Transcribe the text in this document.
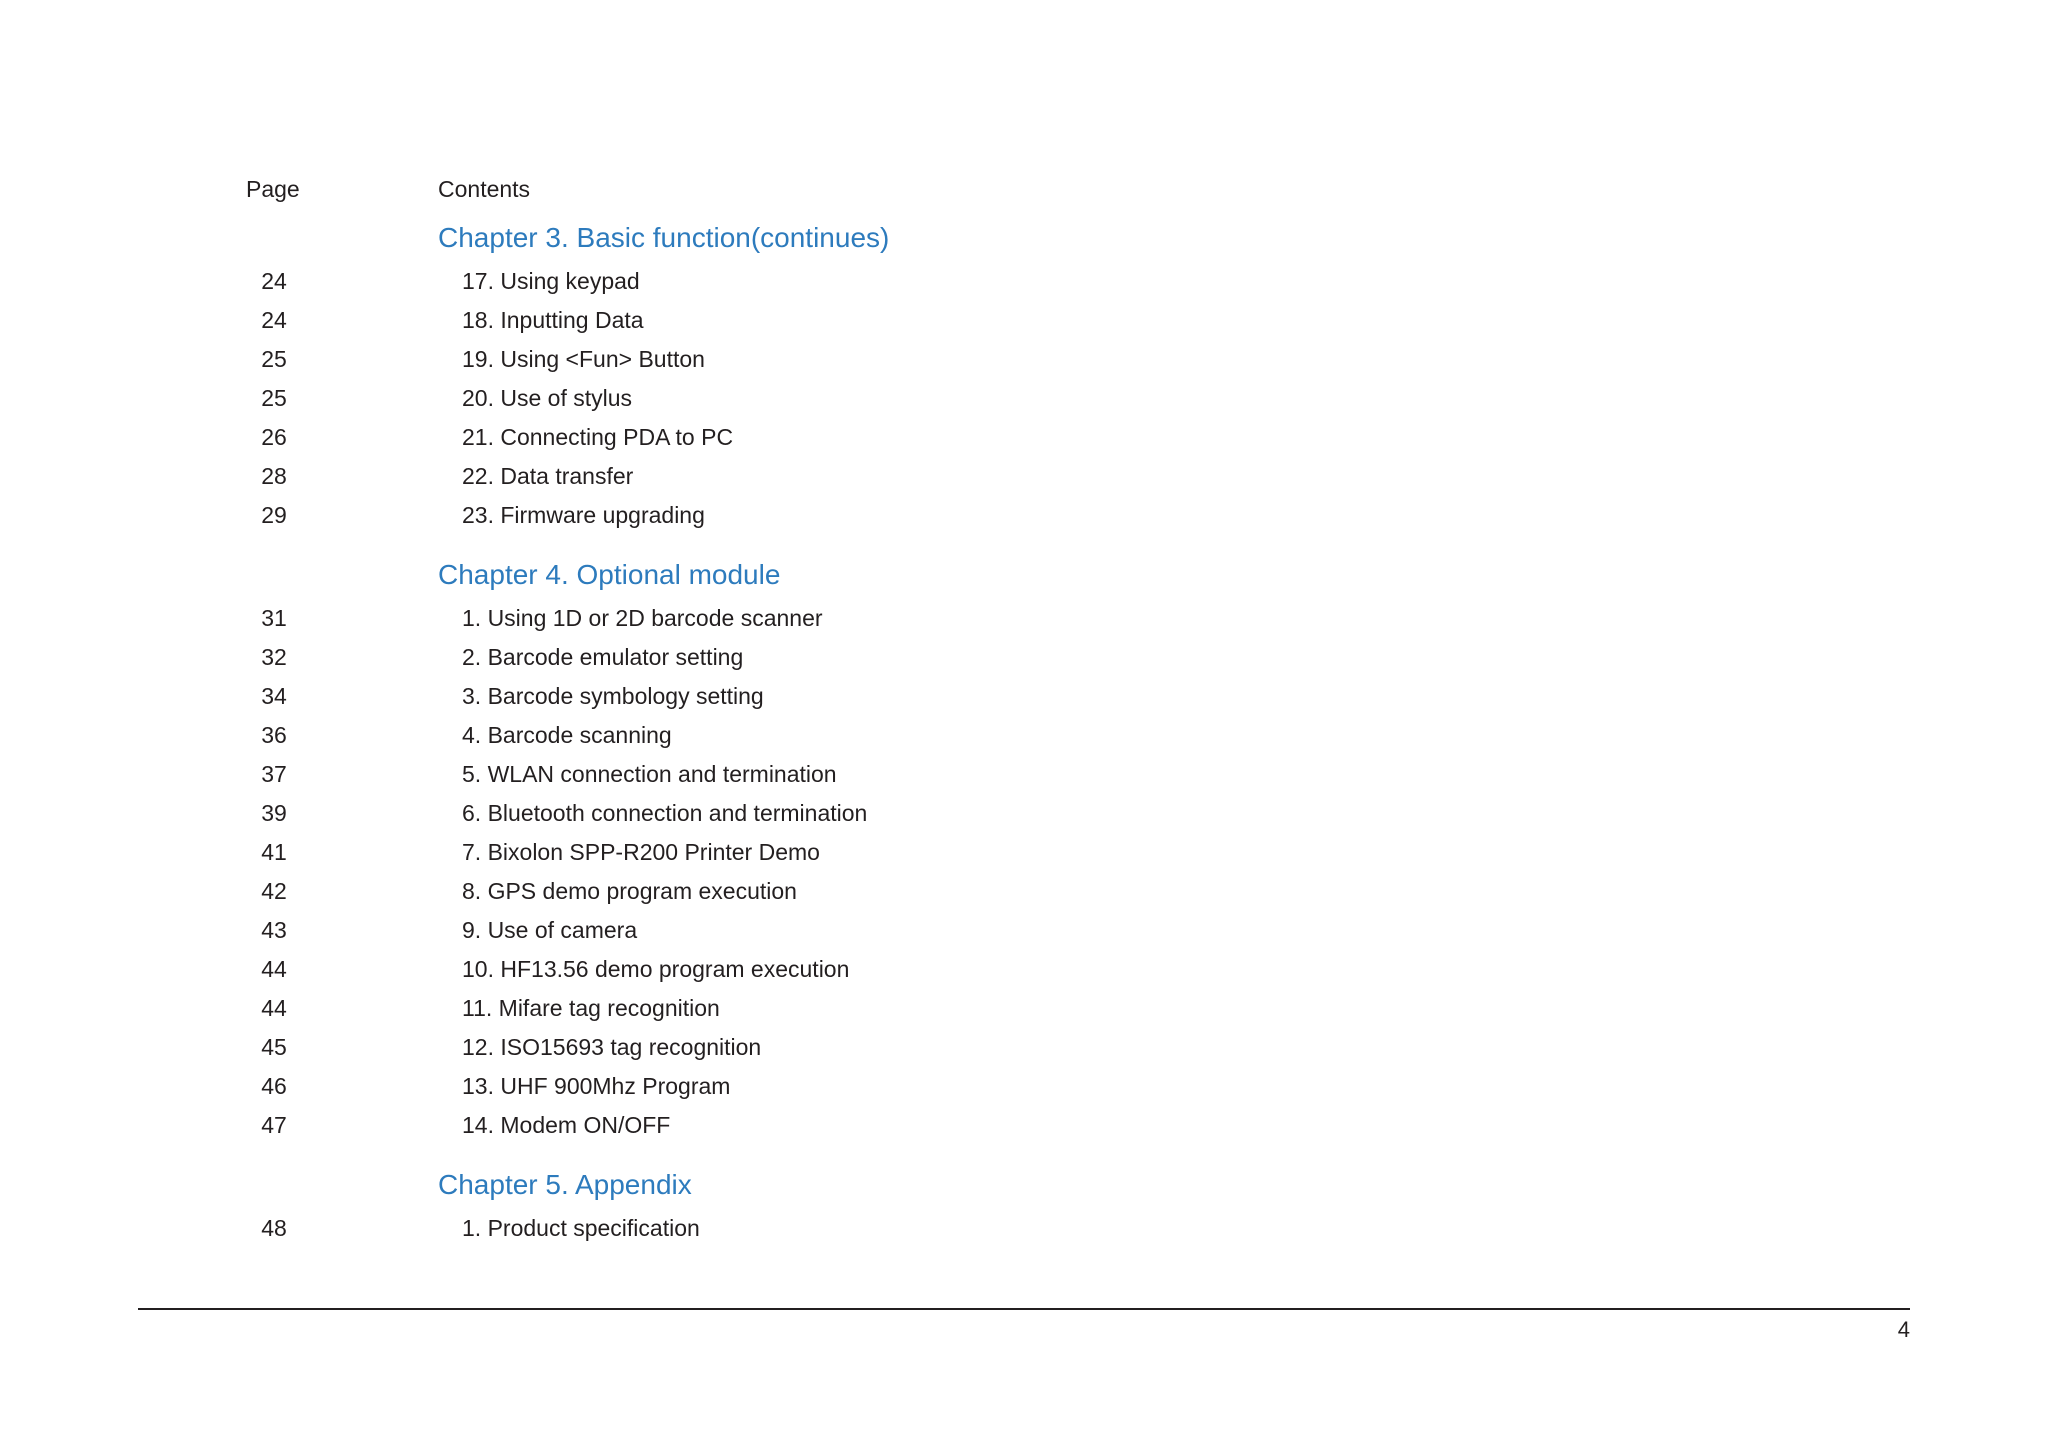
Page	Contents
Chapter 3. Basic function(continues)
24	17. Using keypad
24	18. Inputting Data
25	19. Using <Fun> Button
25	20. Use of stylus
26	21. Connecting PDA to PC
28	22. Data transfer
29	23. Firmware upgrading
Chapter 4. Optional module
31	1. Using 1D or 2D barcode scanner
32	2. Barcode emulator setting
34	3. Barcode symbology setting
36	4. Barcode scanning
37	5. WLAN connection and termination
39	6. Bluetooth connection and termination
41	7. Bixolon SPP-R200 Printer Demo
42	8. GPS demo program execution
43	9. Use of camera
44	10. HF13.56 demo program execution
44	11. Mifare tag recognition
45	12. ISO15693 tag recognition
46	13. UHF 900Mhz Program
47	14. Modem ON/OFF
Chapter 5. Appendix
48	1. Product specification
4
